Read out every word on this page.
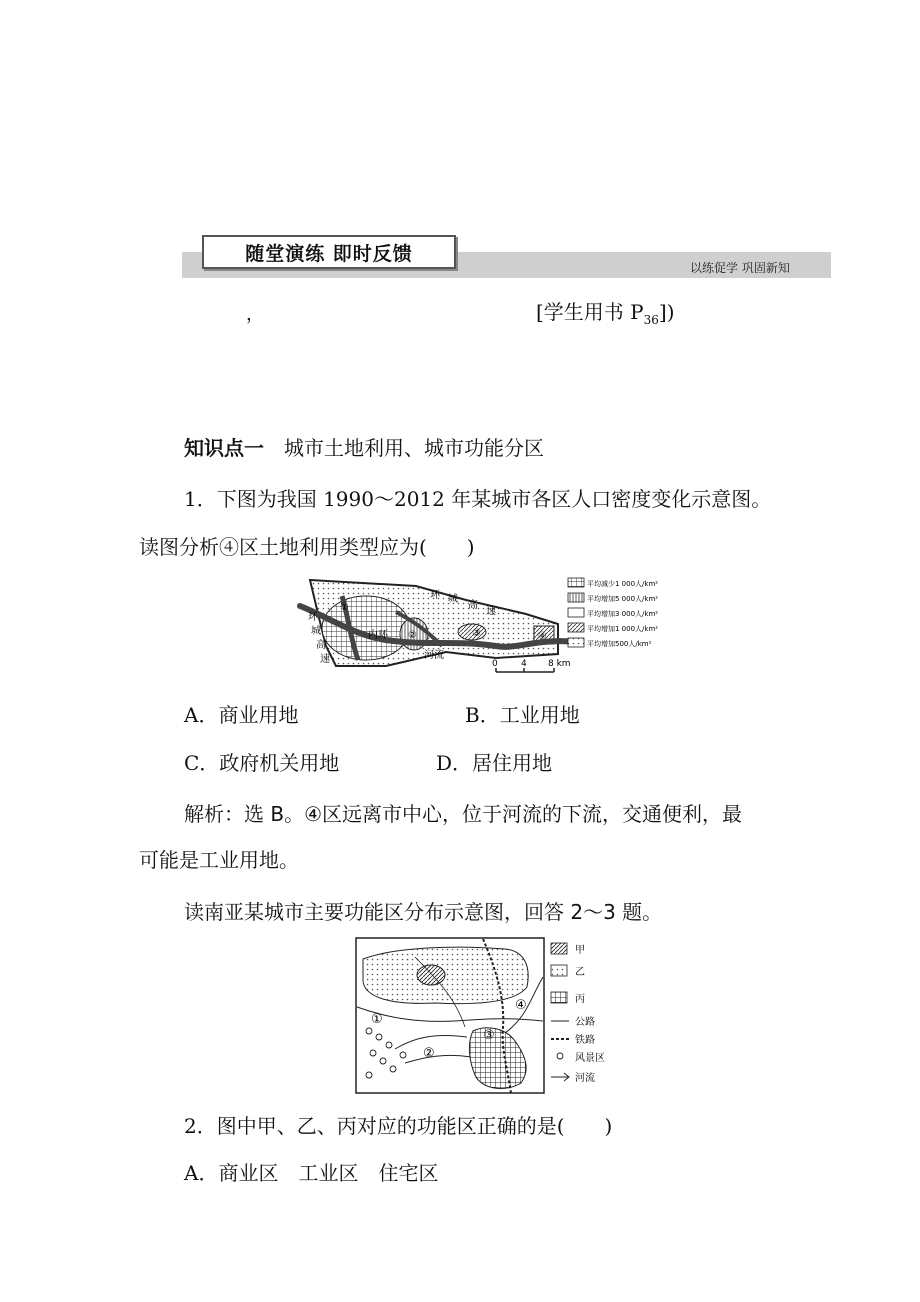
随堂演练 即时反馈
以练促学 巩固新知
，	[学生用书 $P_{36}$])
知识点一　 城市土地利用、城市功能分区
1．下图为我国 1990～2012 年某城市各区人口密度变化示意图。
读图分析④区土地利用类型应为(　　)
环 城
高
速
环
城
高
速
内环
河流
①
②	③	④
0	4 8 km
平均减少1 000人/km²
平均增加5 000人/km²
平均增加3 000人/km²
平均增加1 000人/km²
平均增加500人/km²
A．商业用地	B．工业用地
C．政府机关用地	D．居住用地
解析：选 B。④区远离市中心，位于河流的下流，交通便利，最
可能是工业用地。
读南亚某城市主要功能区分布示意图，回答 2～3 题。
①
②
③
④
甲
乙
丙
公路
铁路
风景区
河流
2．图中甲、乙、丙对应的功能区正确的是(　　)
A．商业区　工业区　住宅区
